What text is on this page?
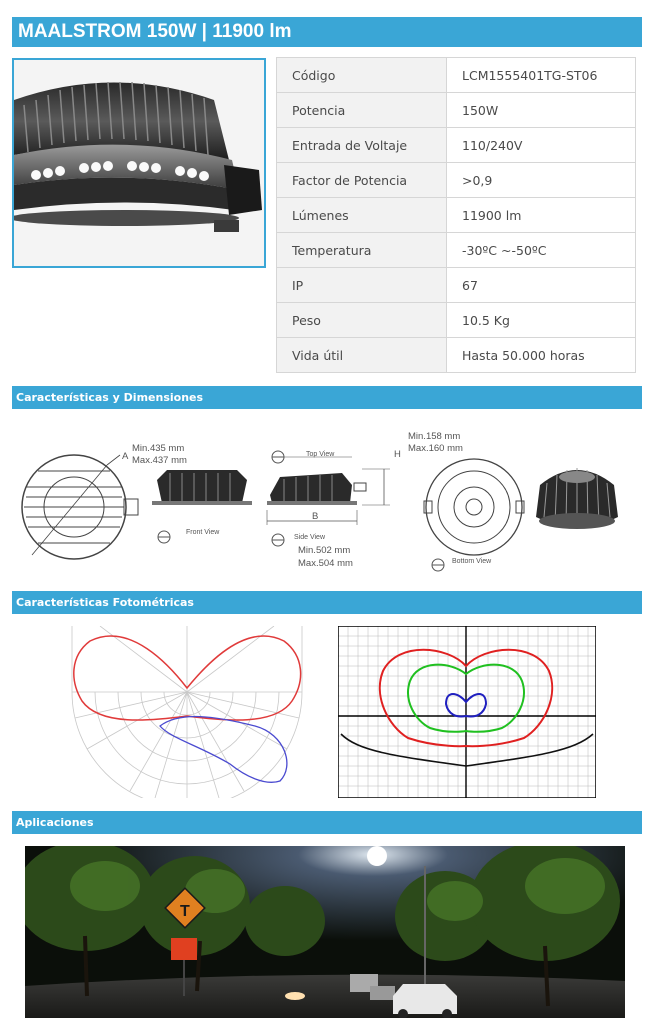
MAALSTROM 150W | 11900 lm
Código	LCM1555401TG-ST06
Potencia	150W
Entrada de Voltaje	110/240V
Factor de Potencia	>0,9
Lúmenes	11900 lm
Temperatura	-30ºC ~-50ºC
IP	67
Peso	10.5 Kg
Vida útil	Hasta 50.000 horas
Características y Dimensiones
A
Min.435 mm
Max.437 mm
Front View
Top View
B
H
Side View
Min.502 mm
Max.504 mm
Min.158 mm
Max.160 mm
Bottom View
Características Fotométricas
Aplicaciones
T
